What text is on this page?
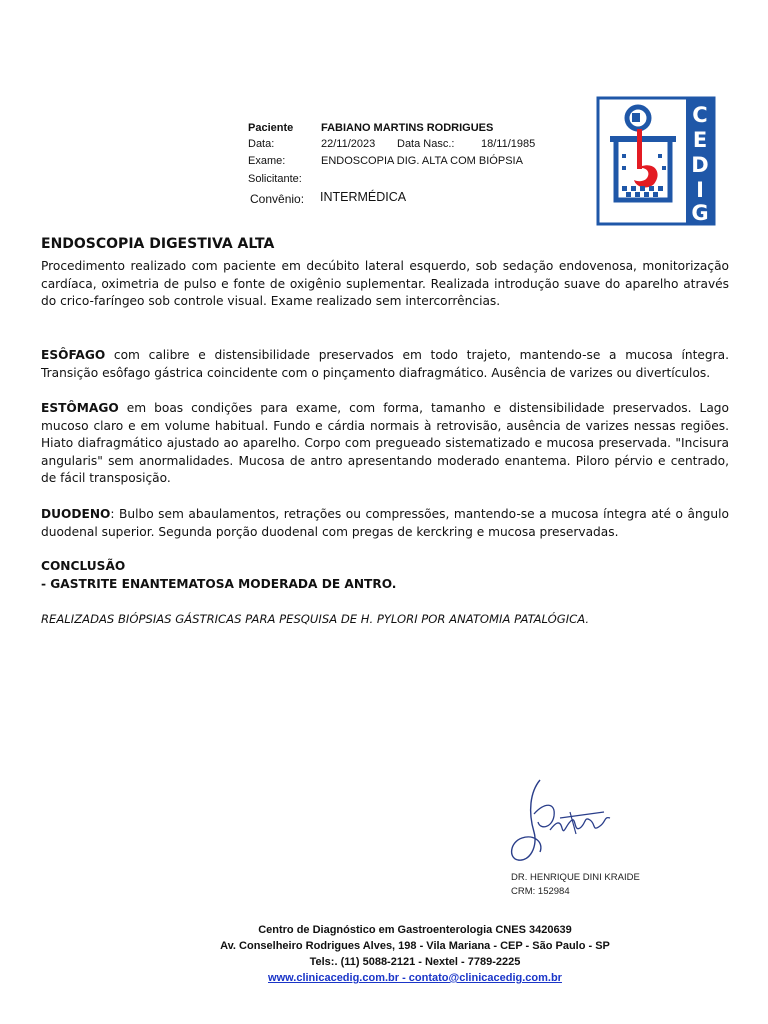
Paciente	FABIANO MARTINS RODRIGUES
Data:	22/11/2023 Data Nasc.: 18/11/1985
Exame:	ENDOSCOPIA DIG. ALTA COM BIÓPSIA
Solicitante:
Convênio: INTERMÉDICA
C
E
D
I
G
ENDOSCOPIA DIGESTIVA ALTA

Procedimento realizado com paciente em decúbito lateral esquerdo, sob sedação endovenosa, monitorização cardíaca, oximetria de pulso e fonte de oxigênio suplementar. Realizada introdução suave do aparelho através do crico-faríngeo sob controle visual. Exame realizado sem intercorrências.

ESÔFAGO com calibre e distensibilidade preservados em todo trajeto, mantendo-se a mucosa íntegra. Transição esôfago gástrica coincidente com o pinçamento diafragmático. Ausência de varizes ou divertículos.

ESTÔMAGO em boas condições para exame, com forma, tamanho e distensibilidade preservados. Lago mucoso claro e em volume habitual. Fundo e cárdia normais à retrovisão, ausência de varizes nessas regiões. Hiato diafragmático ajustado ao aparelho. Corpo com pregueado sistematizado e mucosa preservada. "Incisura angularis" sem anormalidades. Mucosa de antro apresentando moderado enantema. Piloro pérvio e centrado, de fácil transposição.

DUODENO: Bulbo sem abaulamentos, retrações ou compressões, mantendo-se a mucosa íntegra até o ângulo duodenal superior. Segunda porção duodenal com pregas de kerckring e mucosa preservadas.

CONCLUSÃO
- GASTRITE ENANTEMATOSA MODERADA DE ANTRO.
REALIZADAS BIÓPSIAS GÁSTRICAS PARA PESQUISA DE H. PYLORI POR ANATOMIA PATALÓGICA.
DR. HENRIQUE DINI KRAIDE
CRM: 152984
Centro de Diagnóstico em Gastroenterologia CNES 3420639
Av. Conselheiro Rodrigues Alves, 198 - Vila Mariana - CEP - São Paulo - SP
Tels:. (11) 5088-2121 - Nextel - 7789-2225
www.clinicacedig.com.br - contato@clinicacedig.com.br
